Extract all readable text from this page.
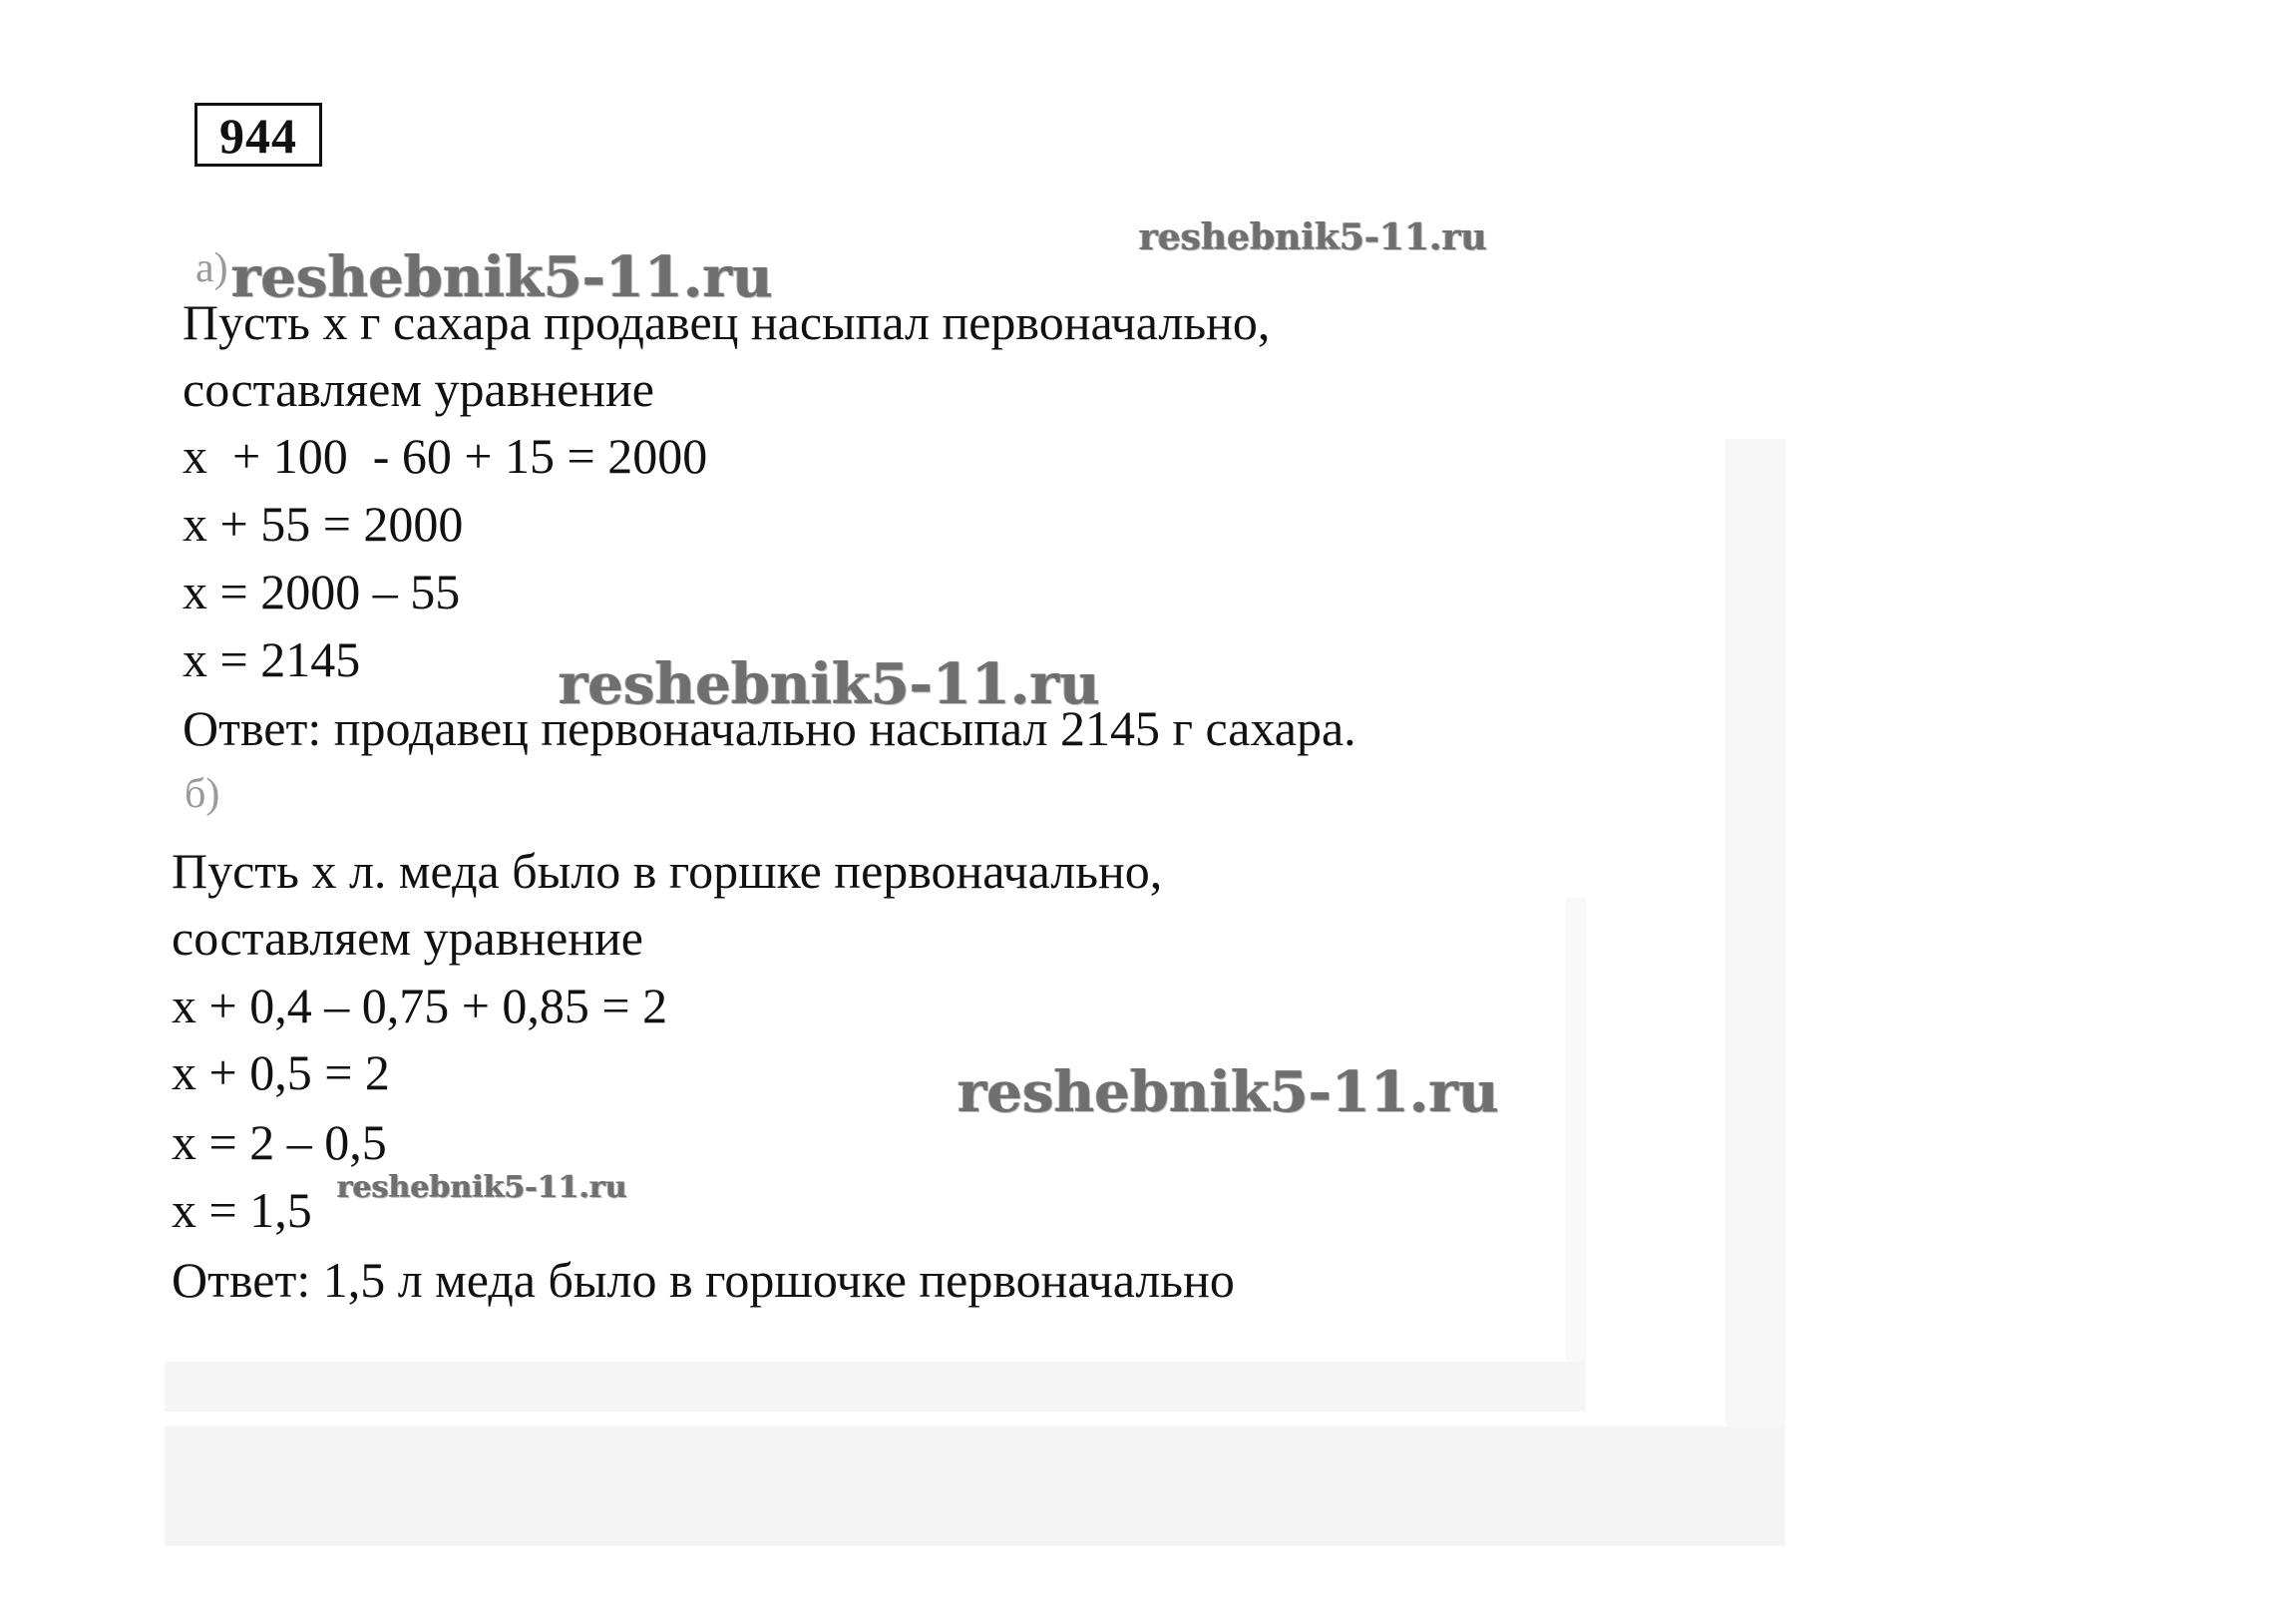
944
а)
Пусть х г сахара продавец насыпал первоначально,
составляем уравнение
х  + 100  - 60 + 15 = 2000
х + 55 = 2000
х = 2000 – 55
х = 2145
Ответ: продавец первоначально насыпал 2145 г сахара.
б)
Пусть х л. меда было в горшке первоначально,
составляем уравнение
х + 0,4 – 0,75 + 0,85 = 2
х + 0,5 = 2
х = 2 – 0,5
х = 1,5
Ответ: 1,5 л меда было в горшочке первоначально
reshebnik5-11.ru
reshebnik5-11.ru
reshebnik5-11.ru
reshebnik5-11.ru
reshebnik5-11.ru
